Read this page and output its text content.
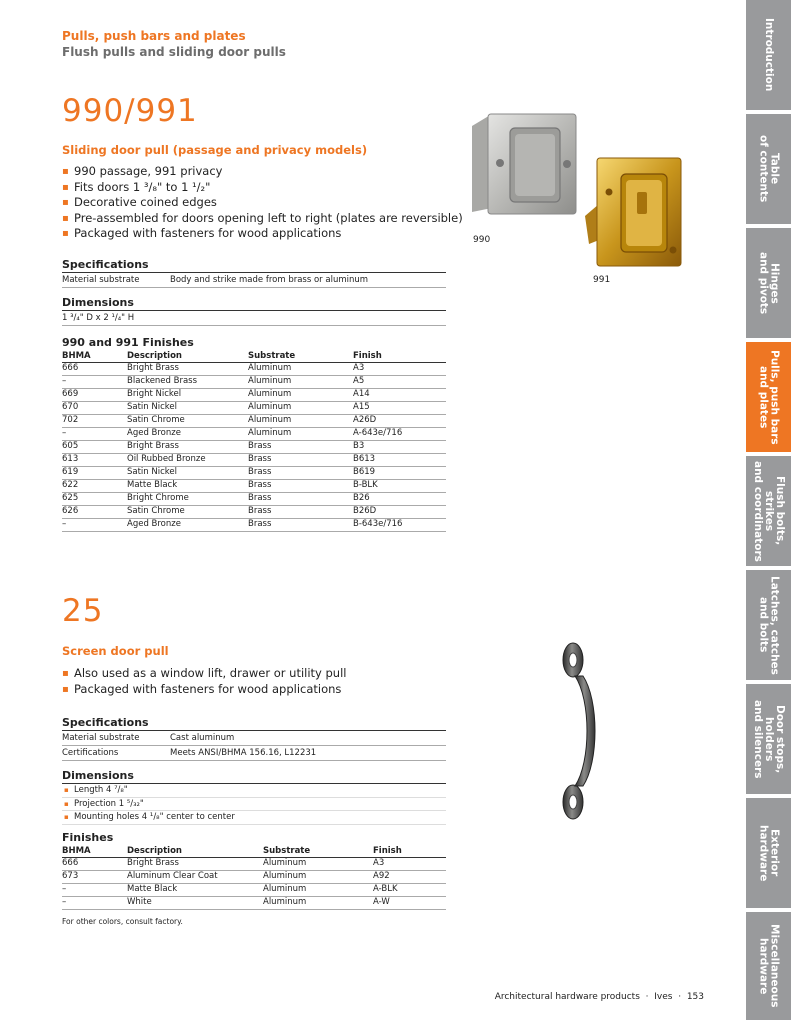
Pulls, push bars and plates
Flush pulls and sliding door pulls
990/991
Sliding door pull (passage and privacy models)
▪ 990 passage, 991 privacy
▪ Fits doors 1 ³/₈" to 1 ¹/₂"
▪ Decorative coined edges
▪ Pre-assembled for doors opening left to right (plates are reversible)
▪ Packaged with fasteners for wood applications
Specifications
Material substrate	Body and strike made from brass or aluminum
Dimensions
1 ³/₄" D x 2 ¹/₄" H
990 and 991 Finishes
BHMA	Description	Substrate	Finish
666	Bright Brass	Aluminum	A3
–	Blackened Brass	Aluminum	A5
669	Bright Nickel	Aluminum	A14
670	Satin Nickel	Aluminum	A15
702	Satin Chrome	Aluminum	A26D
–	Aged Bronze	Aluminum	A-643e/716
605	Bright Brass	Brass	B3
613	Oil Rubbed Bronze	Brass	B613
619	Satin Nickel	Brass	B619
622	Matte Black	Brass	B-BLK
625	Bright Chrome	Brass	B26
626	Satin Chrome	Brass	B26D
–	Aged Bronze	Brass	B-643e/716
990
991
25
Screen door pull
▪ Also used as a window lift, drawer or utility pull
▪ Packaged with fasteners for wood applications
Specifications
Material substrate	Cast aluminum
Certifications	Meets ANSI/BHMA 156.16, L12231
Dimensions
▪ Length 4 ⁷/₈"
▪ Projection 1 ⁵/₃₂"
▪ Mounting holes 4 ¹/₈" center to center
Finishes
BHMA	Description	Substrate	Finish
666	Bright Brass	Aluminum	A3
673	Aluminum Clear Coat	Aluminum	A92
–	Matte Black	Aluminum	A-BLK
–	White	Aluminum	A-W
For other colors, consult factory.
Introduction
Table
of contents
Hinges
and pivots
Pulls, push bars
and plates
Flush bolts, strikes
and coordinators
Latches, catches
and bolts
Door stops, holders
and silencers
Exterior
hardware
Miscellaneous
hardware
Architectural hardware products  ·  Ives  ·  153
